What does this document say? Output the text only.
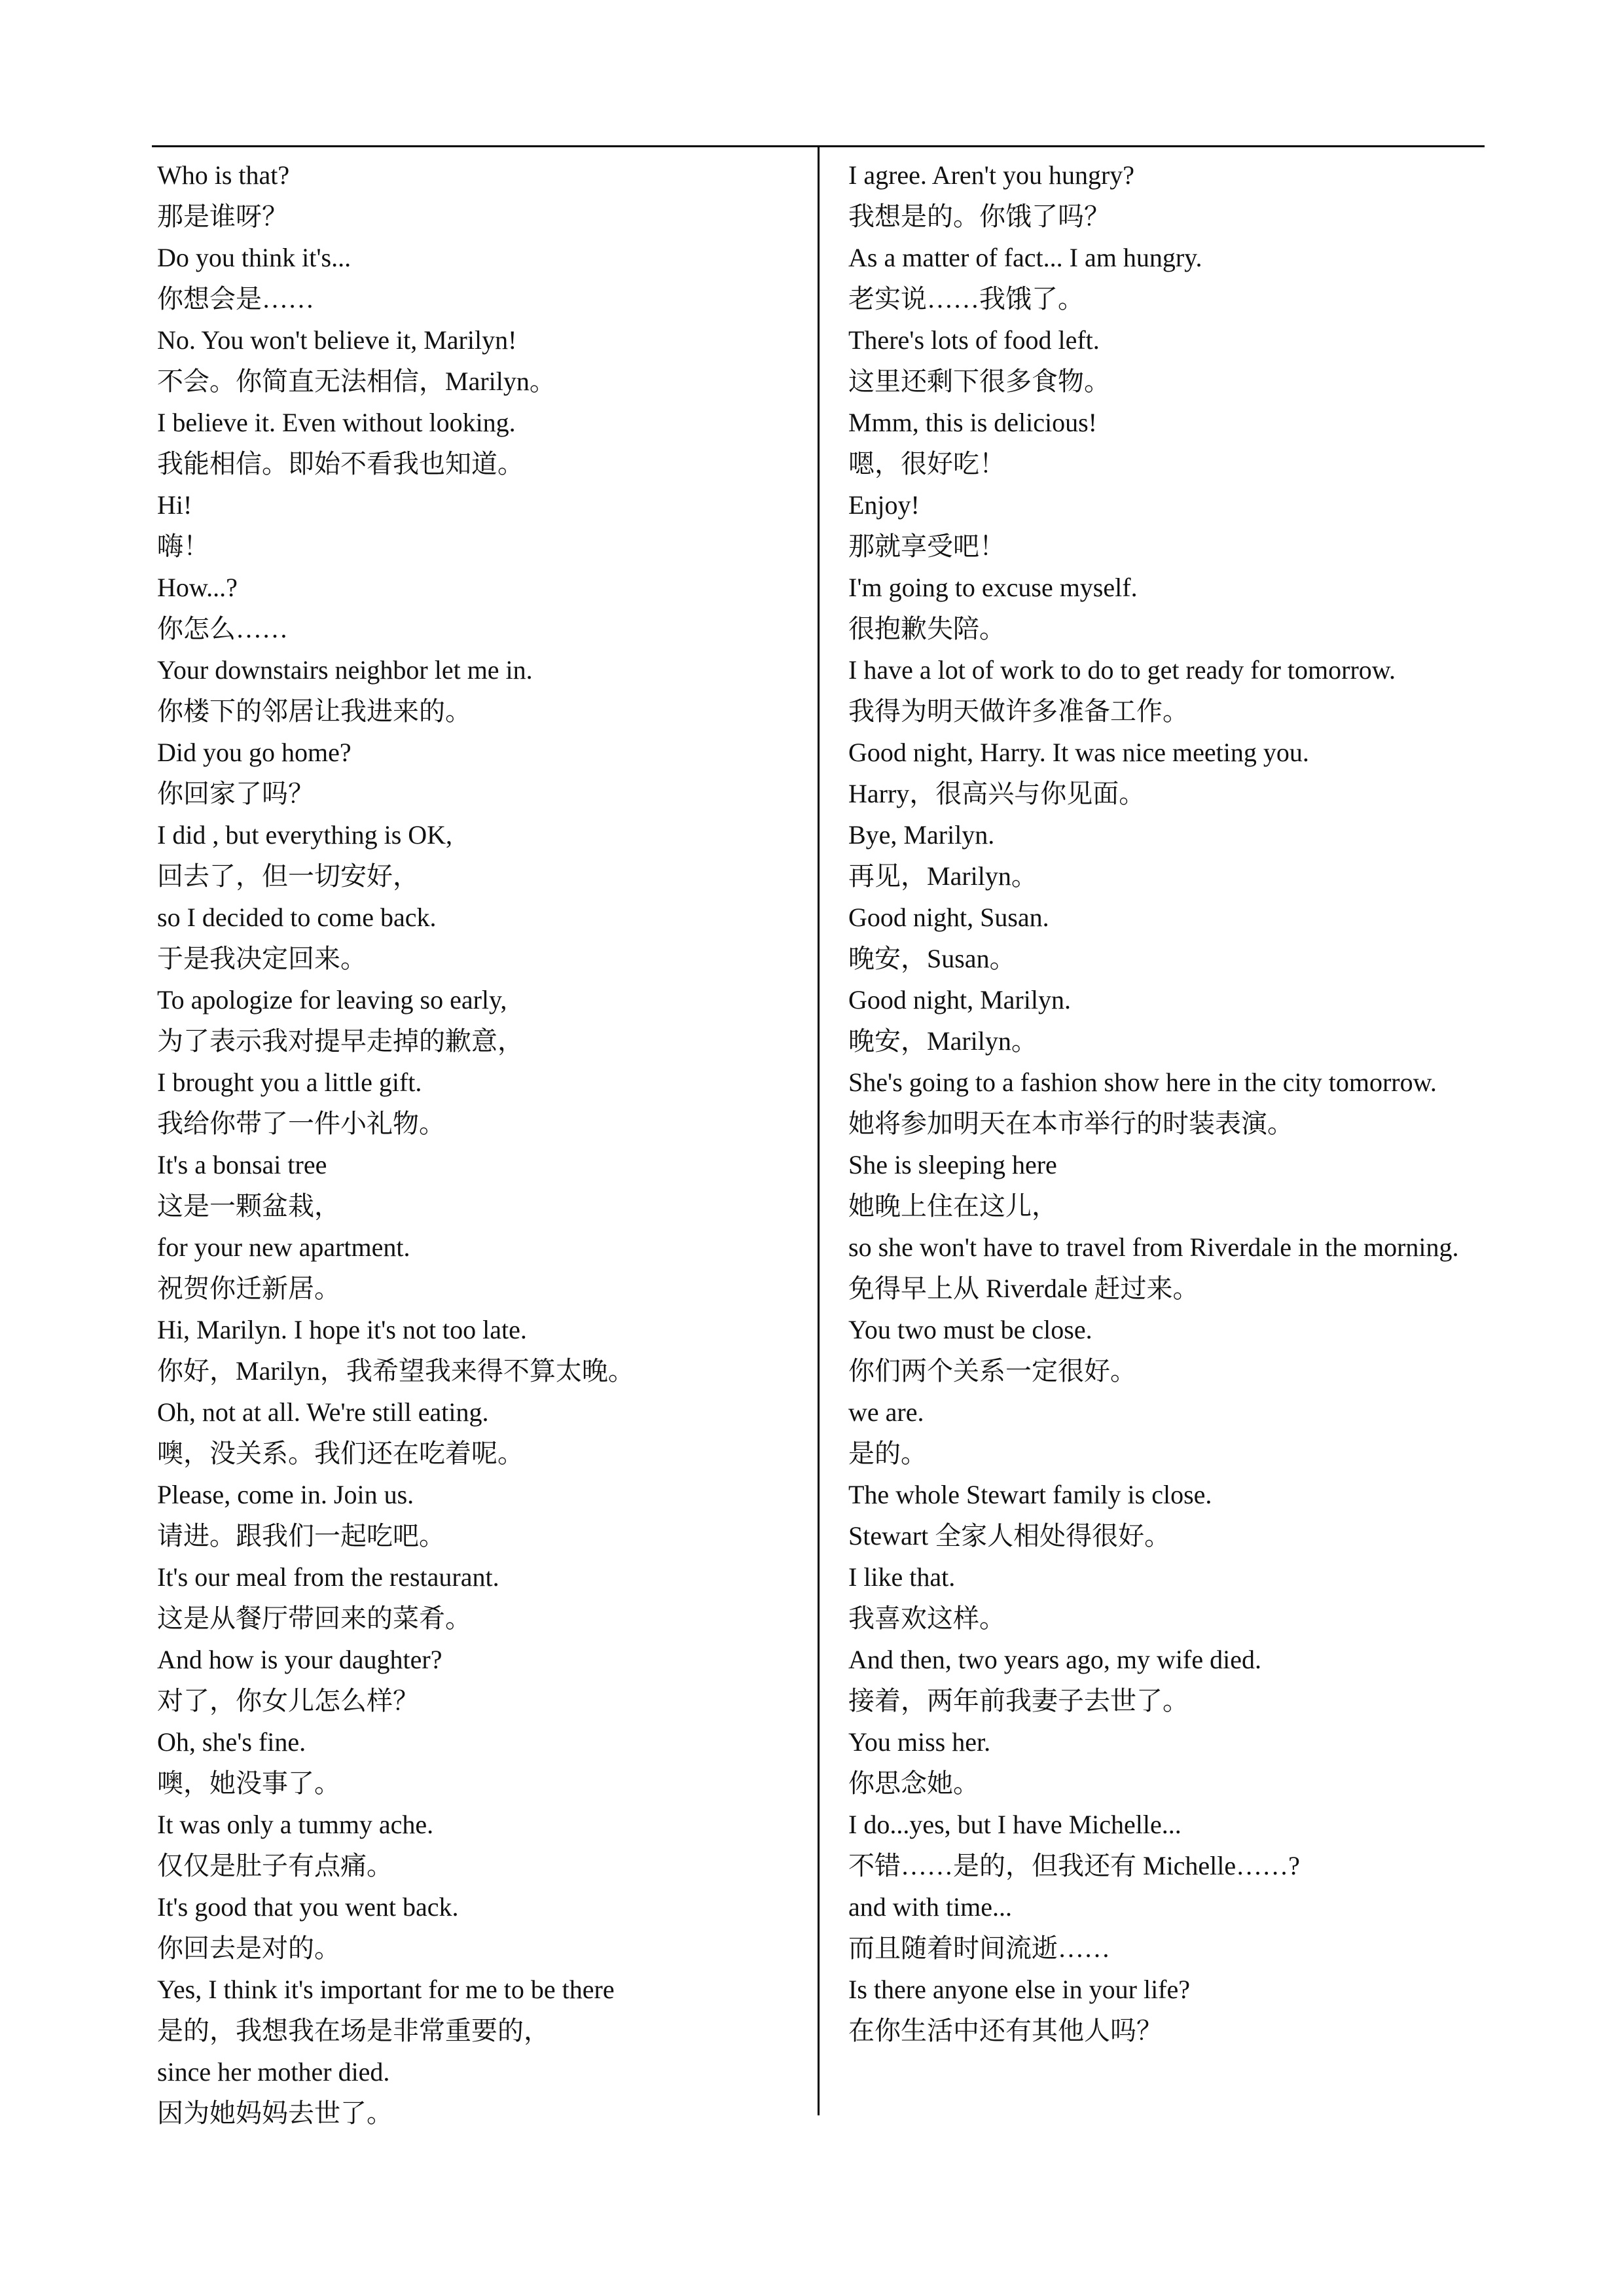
Who is that?
那是谁呀？
Do you think it's...
你想会是……
No. You won't believe it, Marilyn!
不会。你简直无法相信，Marilyn。
I believe it. Even without looking.
我能相信。即始不看我也知道。
Hi!
嗨！
How...?
你怎么……
Your downstairs neighbor let me in.
你楼下的邻居让我进来的。
Did you go home?
你回家了吗？
I did , but everything is OK,
回去了，但一切安好，
so I decided to come back.
于是我决定回来。
To apologize for leaving so early,
为了表示我对提早走掉的歉意，
I brought you a little gift.
我给你带了一件小礼物。
It's a bonsai tree
这是一颗盆栽，
for your new apartment.
祝贺你迁新居。
Hi, Marilyn. I hope it's not too late.
你好，Marilyn，我希望我来得不算太晚。
Oh, not at all. We're still eating.
噢，没关系。我们还在吃着呢。
Please, come in. Join us.
请进。跟我们一起吃吧。
It's our meal from the restaurant.
这是从餐厅带回来的菜肴。
And how is your daughter?
对了，你女儿怎么样？
Oh, she's fine.
噢，她没事了。
It was only a tummy ache.
仅仅是肚子有点痛。
It's good that you went back.
你回去是对的。
Yes, I think it's important for me to be there
是的，我想我在场是非常重要的，
since her mother died.
因为她妈妈去世了。
I agree. Aren't you hungry?
我想是的。你饿了吗？
As a matter of fact... I am hungry.
老实说……我饿了。
There's lots of food left.
这里还剩下很多食物。
Mmm, this is delicious!
嗯，很好吃！
Enjoy!
那就享受吧！
I'm going to excuse myself.
很抱歉失陪。
I have a lot of work to do to get ready for tomorrow.
我得为明天做许多准备工作。
Good night, Harry. It was nice meeting you.
Harry，很高兴与你见面。
Bye, Marilyn.
再见，Marilyn。
Good night, Susan.
晚安，Susan。
Good night, Marilyn.
晚安，Marilyn。
She's going to a fashion show here in the city tomorrow.
她将参加明天在本市举行的时装表演。
She is sleeping here
她晚上住在这儿，
so she won't have to travel from Riverdale in the morning.
免得早上从 Riverdale 赶过来。
You two must be close.
你们两个关系一定很好。
we are.
是的。
The whole Stewart family is close.
Stewart 全家人相处得很好。
I like that.
我喜欢这样。
And then, two years ago, my wife died.
接着，两年前我妻子去世了。
You miss her.
你思念她。
I do...yes, but I have Michelle...
不错……是的，但我还有 Michelle……?
and with time...
而且随着时间流逝……
Is there anyone else in your life?
在你生活中还有其他人吗？
